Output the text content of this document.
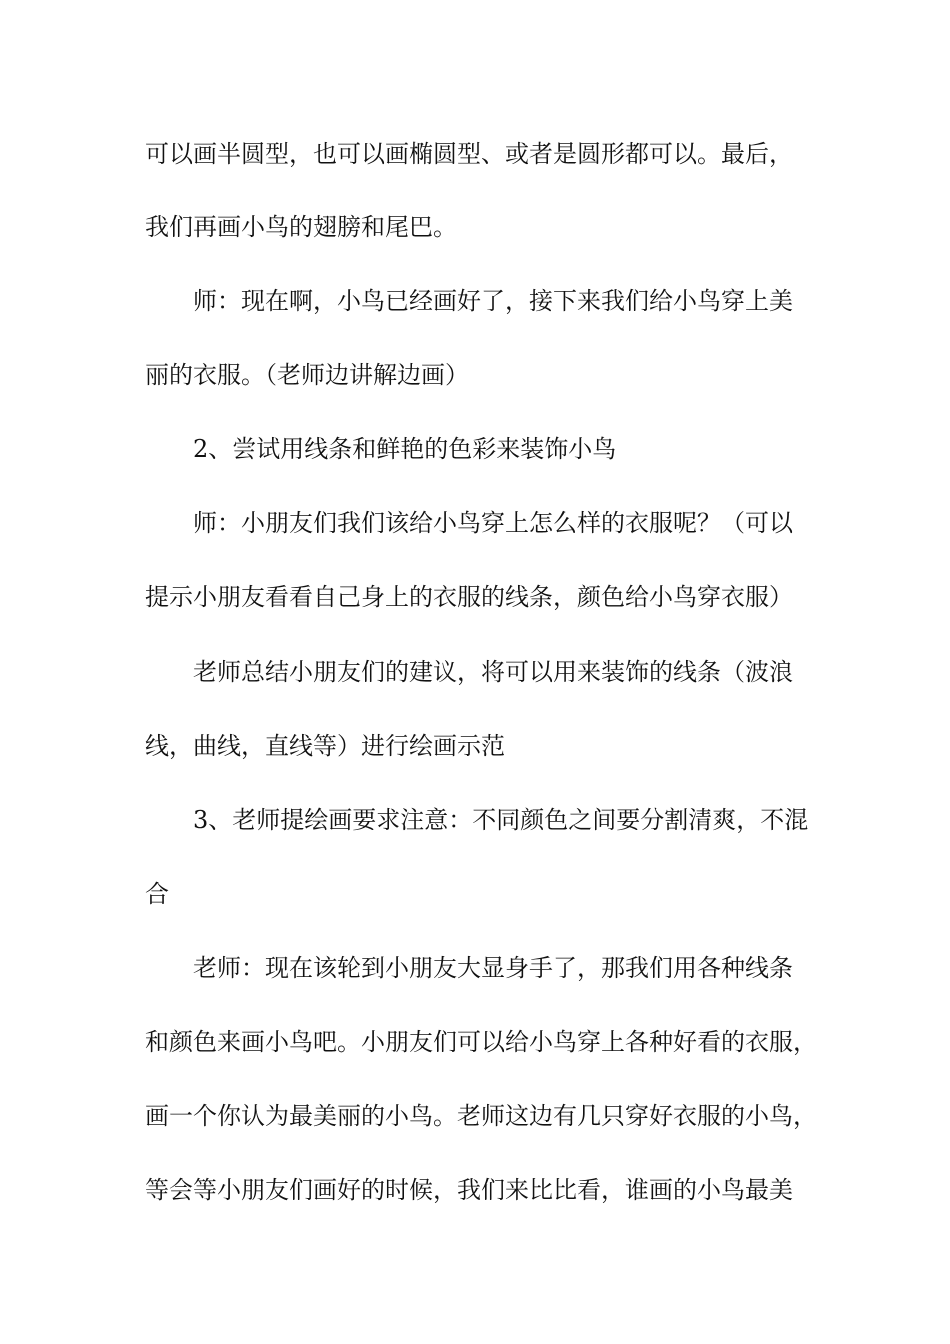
可以画半圆型，也可以画椭圆型、或者是圆形都可以。最后，
我们再画小鸟的翅膀和尾巴。
师：现在啊，小鸟已经画好了，接下来我们给小鸟穿上美
丽的衣服。（老师边讲解边画）
2、尝试用线条和鲜艳的色彩来装饰小鸟
师：小朋友们我们该给小鸟穿上怎么样的衣服呢？（可以
提示小朋友看看自己身上的衣服的线条，颜色给小鸟穿衣服）
老师总结小朋友们的建议，将可以用来装饰的线条（波浪
线，曲线，直线等）进行绘画示范
3、老师提绘画要求注意：不同颜色之间要分割清爽，不混
合
老师：现在该轮到小朋友大显身手了，那我们用各种线条
和颜色来画小鸟吧。小朋友们可以给小鸟穿上各种好看的衣服，
画一个你认为最美丽的小鸟。老师这边有几只穿好衣服的小鸟，
等会等小朋友们画好的时候，我们来比比看，谁画的小鸟最美
